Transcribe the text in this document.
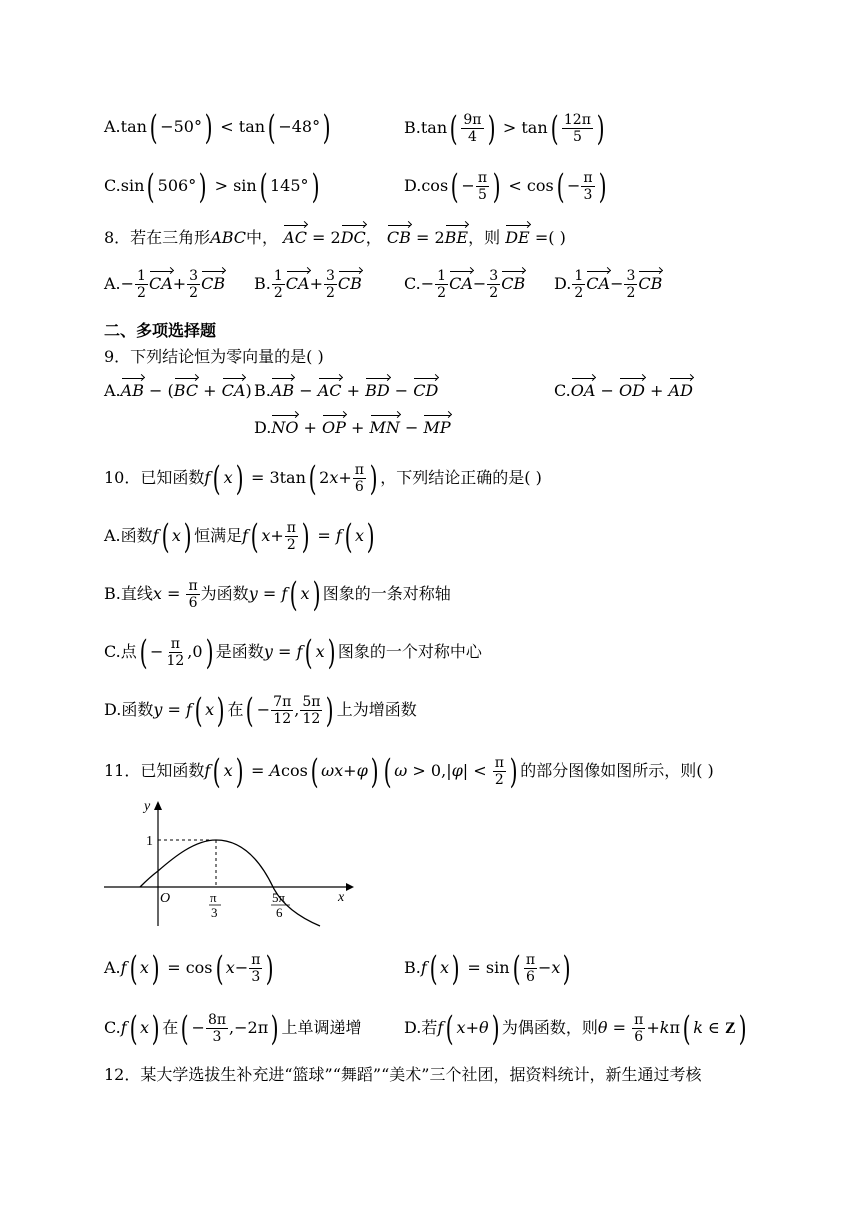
A.tan( −50°) < tan( −48°)	$B.\tan( \frac{9\pi}{4}$ ) > $\tan( \frac{12\pi}{5}$ )
C.sin( 506°) > sin( 145°)	$D.\cos( - \frac{\pi}{5}$ ) < $\cos( - \frac{\pi}{3}$ )
8．若在三角形ABC中， AC = 2DC， CB = 2BE，则 DE =( )
$A.- \frac{1}{2} CA+ \frac{3}{2}$ CB B. $\frac{1}{2} CA+ \frac{3}{2}$ CB	$C.- \frac{1}{2} CA- \frac{3}{2}$ CB D. $\frac{1}{2} CA- \frac{3}{2}$ CB
二、多项选择题
9．下列结论恒为零向量的是( )
A.AB − (BC + CA) B.AB − AC + BD − CD	C.OA − OD + AD
D.NO + OP + MN − MP
10．已知函数f( x) = 3tan( $2x+ \frac{\pi}{6}$ ) ，下列结论正确的是( )
A.函数f( x) 恒满足f( $x+ \frac{\pi}{2}$ ) = f( x)
B.直线$x = \frac{\pi}{6}$ 为函数y = f( x) 图象的一条对称轴
C.点( − $\frac{\pi}{12} ,0$) 是函数y = f( x) 图象的一个对称中心
D.函数y = f( x) 在( − $\frac{7\pi}{12}$ , $\frac{5\pi}{12}$ ) 上为增函数
11．已知函数f( x) = Acos( ωx+φ) ( $\omega > 0,|\varphi| < \frac{\pi}{2}$ ) 的部分图像如图所示，则( )
y
x
O
1
π
3
5π
6
A.f( x) = cos( $x- \frac{\pi}{3}$ )	B.f( $x) = \sin( \frac{\pi}{6} -x)$
C.f( x) 在( − $\frac{8\pi}{3} ,-2\pi$) 上单调递增	D.若f( x+θ) 为偶函数，则$\theta = \frac{\pi}{6} +k\pi$( k ∈ Z)
12．某大学选拔生补充进“篮球”“舞蹈”“美术”三个社团，据资料统计，新生通过考核
